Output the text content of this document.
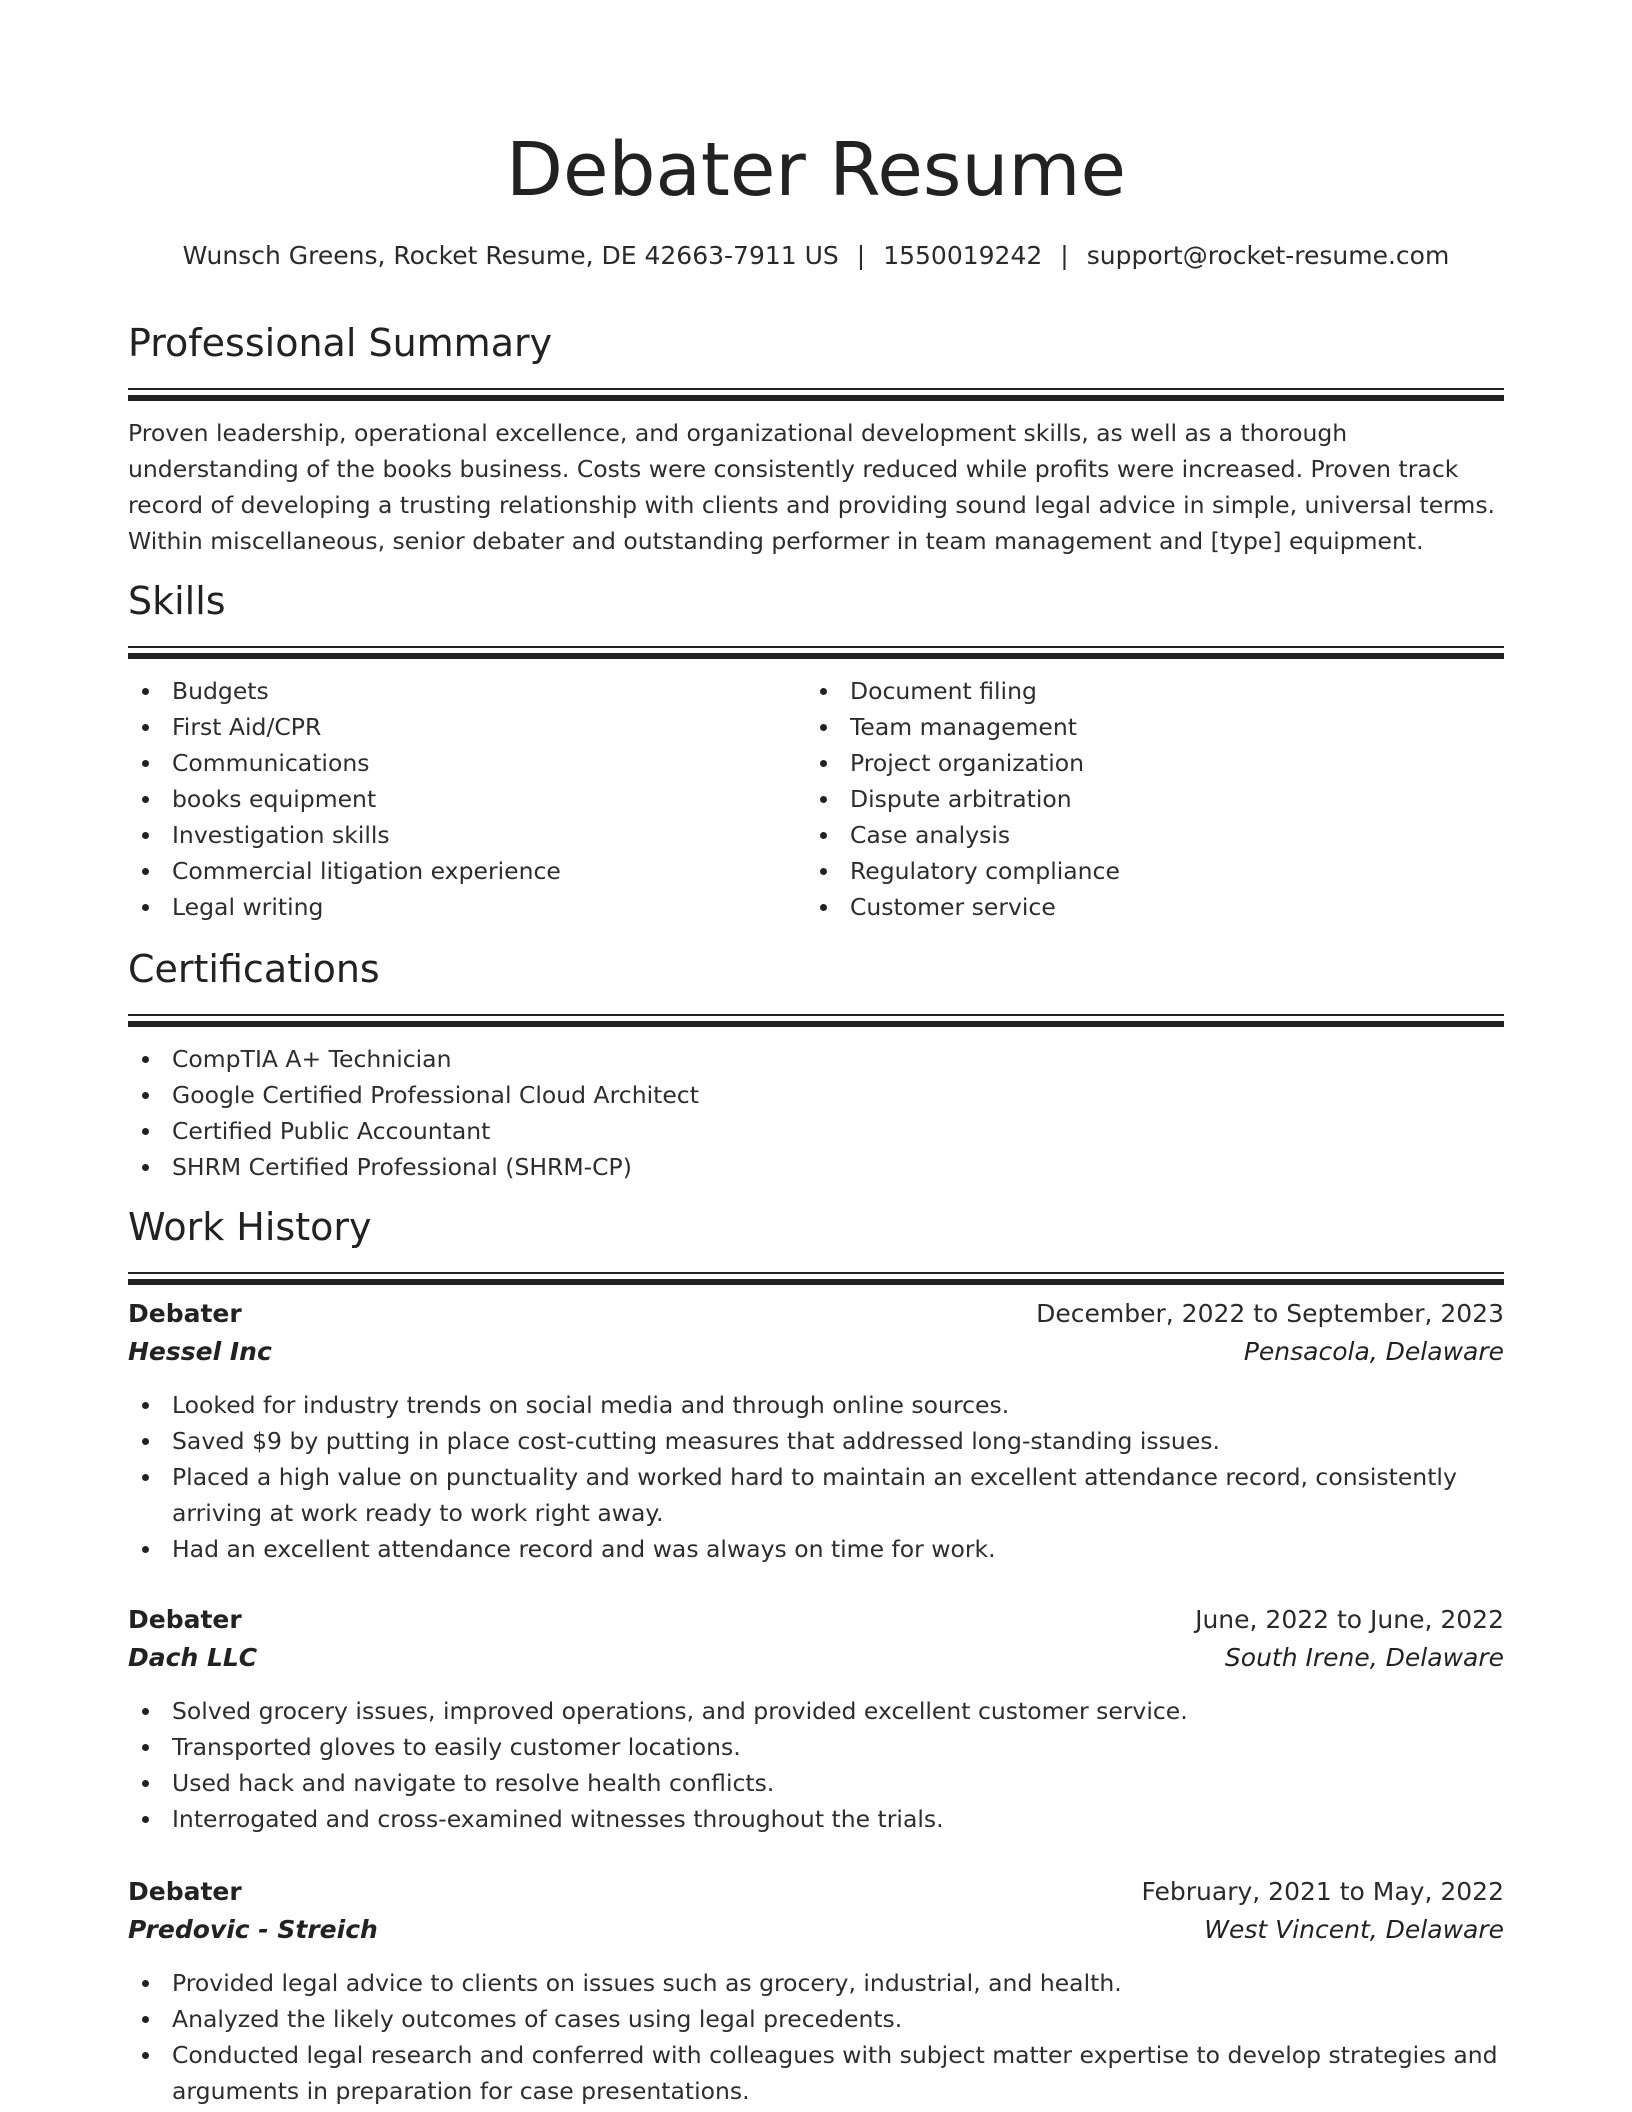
Debater Resume
Wunsch Greens, Rocket Resume, DE 42663-7911 US | 1550019242 | support@rocket-resume.com
Professional Summary

Proven leadership, operational excellence, and organizational development skills, as well as a thorough understanding of the books business. Costs were consistently reduced while profits were increased. Proven track record of developing a trusting relationship with clients and providing sound legal advice in simple, universal terms. Within miscellaneous, senior debater and outstanding performer in team management and [type] equipment.

Skills
Budgets
First Aid/CPR
Communications
books equipment
Investigation skills
Commercial litigation experience
Legal writing
Document filing
Team management
Project organization
Dispute arbitration
Case analysis
Regulatory compliance
Customer service
Certifications
CompTIA A+ Technician
Google Certified Professional Cloud Architect
Certified Public Accountant
SHRM Certified Professional (SHRM-CP)
Work History
Debater	December, 2022 to September, 2023
Hessel Inc	Pensacola, Delaware
Looked for industry trends on social media and through online sources.
Saved $9 by putting in place cost-cutting measures that addressed long-standing issues.
Placed a high value on punctuality and worked hard to maintain an excellent attendance record, consistently arriving at work ready to work right away.
Had an excellent attendance record and was always on time for work.
Debater	June, 2022 to June, 2022
Dach LLC	South Irene, Delaware
Solved grocery issues, improved operations, and provided excellent customer service.
Transported gloves to easily customer locations.
Used hack and navigate to resolve health conflicts.
Interrogated and cross-examined witnesses throughout the trials.
Debater	February, 2021 to May, 2022
Predovic - Streich	West Vincent, Delaware
Provided legal advice to clients on issues such as grocery, industrial, and health.
Analyzed the likely outcomes of cases using legal precedents.
Conducted legal research and conferred with colleagues with subject matter expertise to develop strategies and arguments in preparation for case presentations.
